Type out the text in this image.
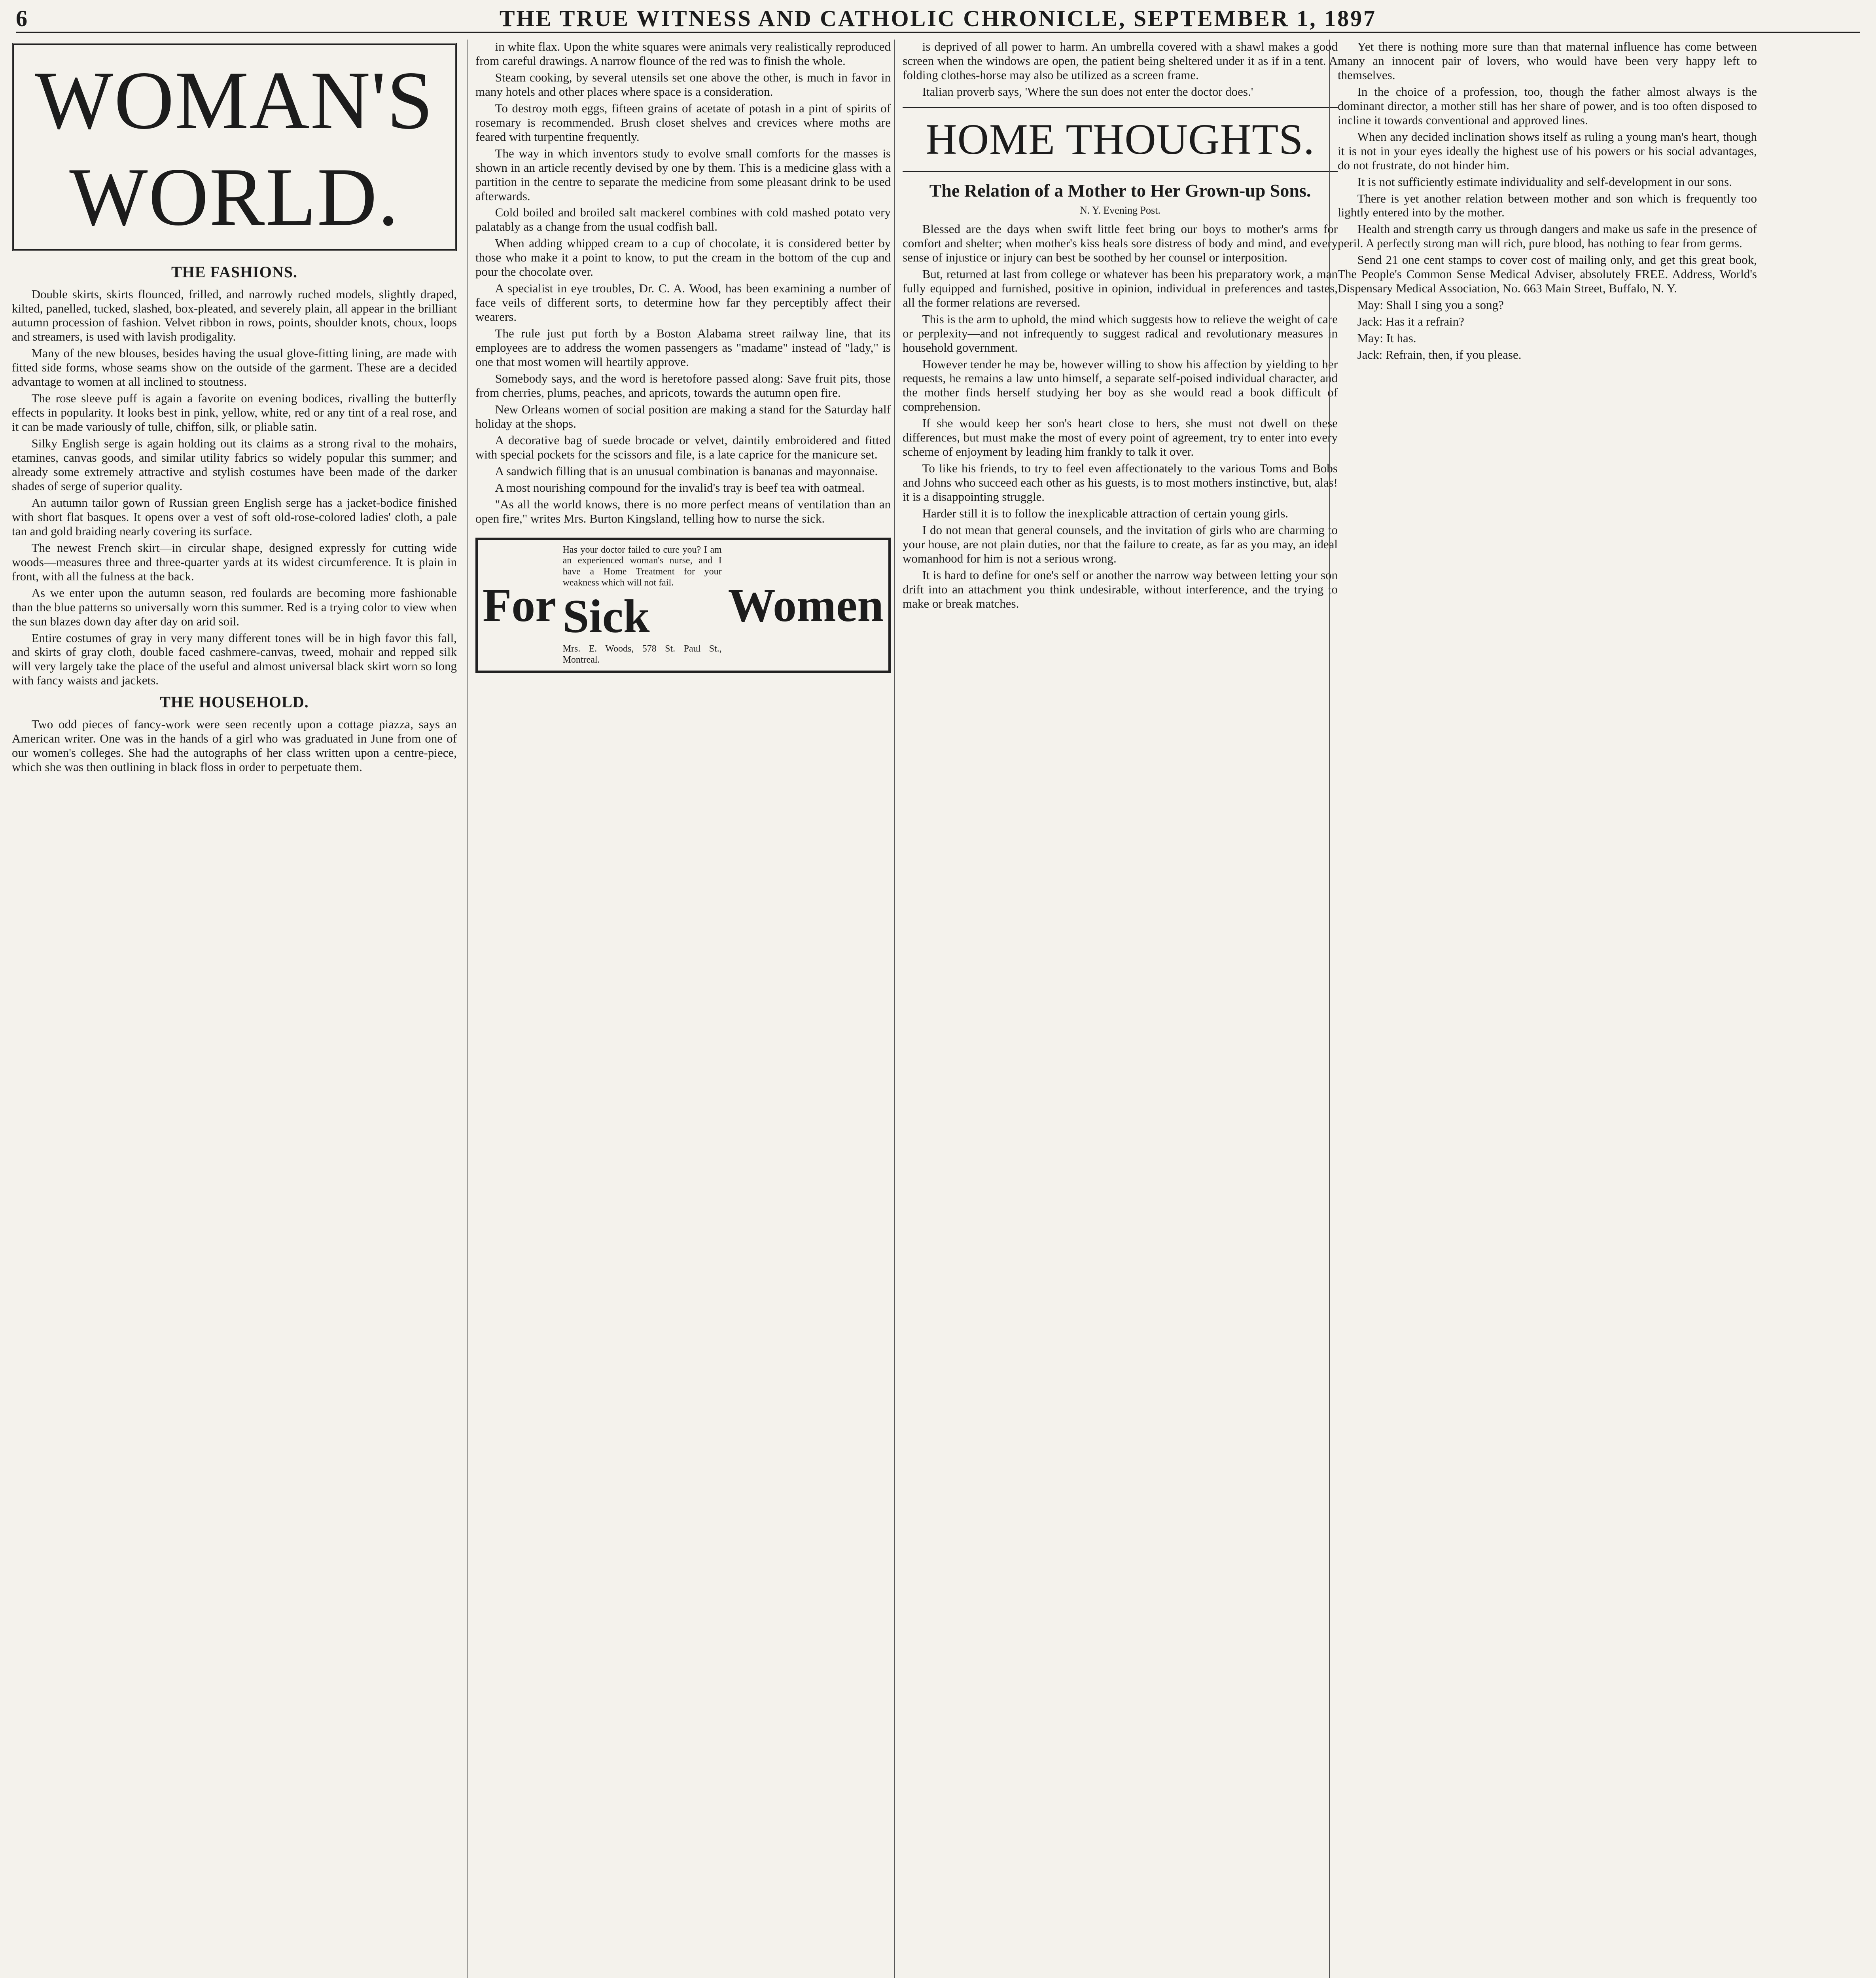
6	THE TRUE WITNESS AND CATHOLIC CHRONICLE, SEPTEMBER 1, 1897
WOMAN'S WORLD.
THE FASHIONS.

Double skirts, skirts flounced, frilled, and narrowly ruched models, slightly draped, kilted, panelled, tucked, slashed, box-pleated, and severely plain, all appear in the brilliant autumn procession of fashion. Velvet ribbon in rows, points, shoulder knots, choux, loops and streamers, is used with lavish prodigality.

Many of the new blouses, besides having the usual glove-fitting lining, are made with fitted side forms, whose seams show on the outside of the garment. These are a decided advantage to women at all inclined to stoutness.

The rose sleeve puff is again a favorite on evening bodices, rivalling the butterfly effects in popularity. It looks best in pink, yellow, white, red or any tint of a real rose, and it can be made variously of tulle, chiffon, silk, or pliable satin.

Silky English serge is again holding out its claims as a strong rival to the mohairs, etamines, canvas goods, and similar utility fabrics so widely popular this summer; and already some extremely attractive and stylish costumes have been made of the darker shades of serge of superior quality.

An autumn tailor gown of Russian green English serge has a jacket-bodice finished with short flat basques. It opens over a vest of soft old-rose-colored ladies' cloth, a pale tan and gold braiding nearly covering its surface.

The newest French skirt—in circular shape, designed expressly for cutting wide woods—measures three and three-quarter yards at its widest circumference. It is plain in front, with all the fulness at the back.

As we enter upon the autumn season, red foulards are becoming more fashionable than the blue patterns so universally worn this summer. Red is a trying color to view when the sun blazes down day after day on arid soil.

Entire costumes of gray in very many different tones will be in high favor this fall, and skirts of gray cloth, double faced cashmere-canvas, tweed, mohair and repped silk will very largely take the place of the useful and almost universal black skirt worn so long with fancy waists and jackets.

THE HOUSEHOLD.

Two odd pieces of fancy-work were seen recently upon a cottage piazza, says an American writer. One was in the hands of a girl who was graduated in June from one of our women's colleges. She had the autographs of her class written upon a centre-piece, which she was then outlining in black floss in order to perpetuate them.

in white flax. Upon the white squares were animals very realistically reproduced from careful drawings. A narrow flounce of the red was to finish the whole.

Steam cooking, by several utensils set one above the other, is much in favor in many hotels and other places where space is a consideration.

To destroy moth eggs, fifteen grains of acetate of potash in a pint of spirits of rosemary is recommended. Brush closet shelves and crevices where moths are feared with turpentine frequently.

The way in which inventors study to evolve small comforts for the masses is shown in an article recently devised by one by them. This is a medicine glass with a partition in the centre to separate the medicine from some pleasant drink to be used afterwards.

Cold boiled and broiled salt mackerel combines with cold mashed potato very palatably as a change from the usual codfish ball.

When adding whipped cream to a cup of chocolate, it is considered better by those who make it a point to know, to put the cream in the bottom of the cup and pour the chocolate over.

A specialist in eye troubles, Dr. C. A. Wood, has been examining a number of face veils of different sorts, to determine how far they perceptibly affect their wearers.

The rule just put forth by a Boston Alabama street railway line, that its employees are to address the women passengers as "madame" instead of "lady," is one that most women will heartily approve.

Somebody says, and the word is heretofore passed along: Save fruit pits, those from cherries, plums, peaches, and apricots, towards the autumn open fire.

New Orleans women of social position are making a stand for the Saturday half holiday at the shops.

A decorative bag of suede brocade or velvet, daintily embroidered and fitted with special pockets for the scissors and file, is a late caprice for the manicure set.

A sandwich filling that is an unusual combination is bananas and mayonnaise.

A most nourishing compound for the invalid's tray is beef tea with oatmeal.

"As all the world knows, there is no more perfect means of ventilation than an open fire," writes Mrs. Burton Kingsland, telling how to nurse the sick.

For
Has your doctor failed to cure you? I am an experienced woman's nurse, and I have a Home Treatment for your weakness which will not fail.
Sick
Mrs. E. Woods, 578 St. Paul St., Montreal.
Women

is deprived of all power to harm. An umbrella covered with a shawl makes a good screen when the windows are open, the patient being sheltered under it as if in a tent. A folding clothes-horse may also be utilized as a screen frame.

Italian proverb says, 'Where the sun does not enter the doctor does.'

HOME THOUGHTS.
The Relation of a Mother to Her Grown-up Sons.
N. Y. Evening Post.

Blessed are the days when swift little feet bring our boys to mother's arms for comfort and shelter; when mother's kiss heals sore distress of body and mind, and every sense of injustice or injury can best be soothed by her counsel or interposition.

But, returned at last from college or whatever has been his preparatory work, a man fully equipped and furnished, positive in opinion, individual in preferences and tastes, all the former relations are reversed.

This is the arm to uphold, the mind which suggests how to relieve the weight of care or perplexity—and not infrequently to suggest radical and revolutionary measures in household government.

However tender he may be, however willing to show his affection by yielding to her requests, he remains a law unto himself, a separate self-poised individual character, and the mother finds herself studying her boy as she would read a book difficult of comprehension.

If she would keep her son's heart close to hers, she must not dwell on these differences, but must make the most of every point of agreement, try to enter into every scheme of enjoyment by leading him frankly to talk it over.

To like his friends, to try to feel even affectionately to the various Toms and Bobs and Johns who succeed each other as his guests, is to most mothers instinctive, but, alas! it is a disappointing struggle.

Harder still it is to follow the inexplicable attraction of certain young girls.

I do not mean that general counsels, and the invitation of girls who are charming to your house, are not plain duties, nor that the failure to create, as far as you may, an ideal womanhood for him is not a serious wrong.

It is hard to define for one's self or another the narrow way between letting your son drift into an attachment you think undesirable, without interference, and the trying to make or break matches.

Yet there is nothing more sure than that maternal influence has come between many an innocent pair of lovers, who would have been very happy left to themselves.

In the choice of a profession, too, though the father almost always is the dominant director, a mother still has her share of power, and is too often disposed to incline it towards conventional and approved lines.

When any decided inclination shows itself as ruling a young man's heart, though it is not in your eyes ideally the highest use of his powers or his social advantages, do not frustrate, do not hinder him.

It is not sufficiently estimate individuality and self-development in our sons.

There is yet another relation between mother and son which is frequently too lightly entered into by the mother.

Health and strength carry us through dangers and make us safe in the presence of peril. A perfectly strong man will rich, pure blood, has nothing to fear from germs.

Send 21 one cent stamps to cover cost of mailing only, and get this great book, The People's Common Sense Medical Adviser, absolutely FREE. Address, World's Dispensary Medical Association, No. 663 Main Street, Buffalo, N. Y.

May: Shall I sing you a song?

Jack: Has it a refrain?

May: It has.

Jack: Refrain, then, if you please.
